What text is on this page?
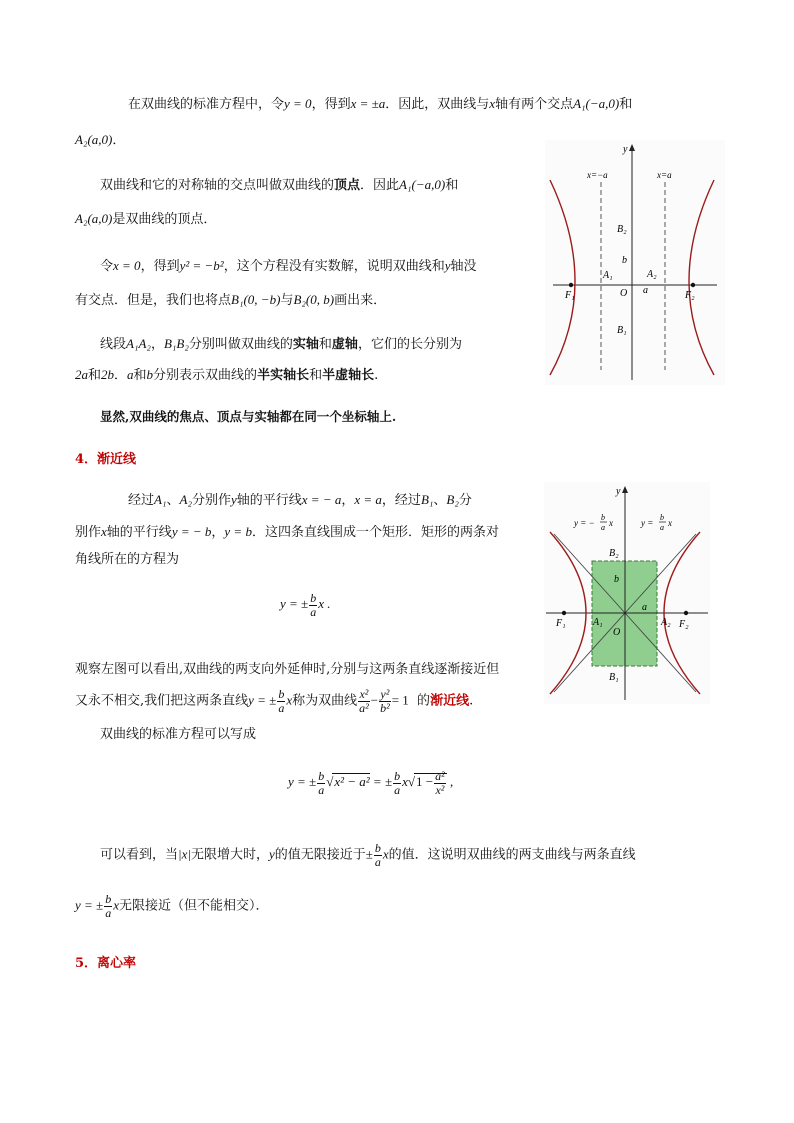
在双曲线的标准方程中，令y = 0，得到x = ±a．因此，双曲线与x轴有两个交点A₁(−a,0)和
A₂(a,0)．
双曲线和它的对称轴的交点叫做双曲线的顶点．因此A₁(−a,0)和
A₂(a,0)是双曲线的顶点．
令x = 0，得到y² = −b²，这个方程没有实数解，说明双曲线和y轴没
有交点．但是，我们也将点B₁(0, −b)与B₂(0, b)画出来．
线段A₁A₂，B₁B₂分别叫做双曲线的实轴和虚轴，它们的长分别为
2a和2b．a和b分别表示双曲线的半实轴长和半虚轴长.
显然,双曲线的焦点、顶点与实轴都在同一个坐标轴上.
4．渐近线
经过A₁、A₂分别作y轴的平行线x = − a，x = a，经过B₁、B₂分
别作x轴的平行线y = − b，y = b．这四条直线围成一个矩形．矩形的两条对
角线所在的方程为
y = ± $\frac{b}{a}$ x .
观察左图可以看出,双曲线的两支向外延伸时,分别与这两条直线逐渐接近但
又永不相交,我们把这两条直线y = ± $\frac{b}{a}$ x称为双曲线 $\frac{\text{x²}}{\text{a²}} - \frac{\text{y²}}{\text{b²}} = 1$ 的渐近线.
双曲线的标准方程可以写成
y = ± $\frac{b}{a} √x^2 - a^2$ = ± $\frac{b}{a} x√1 - \frac{\text{a²}}{\text{x²}}$ ,
可以看到，当|x|无限增大时，y的值无限接近于± $\frac{b}{a}$ x的值．这说明双曲线的两支曲线与两条直线
y = ± $\frac{b}{a}$ x无限接近（但不能相交）．
5．离心率
x=−a	x=a
y
B₂
b
A₁	A₂
F₁	O a	F₂
B₁
y
y = −
b
a x	y =
b
a x
B₂
b
a
F₁	A₁
O
A₂ F₂
B₁
